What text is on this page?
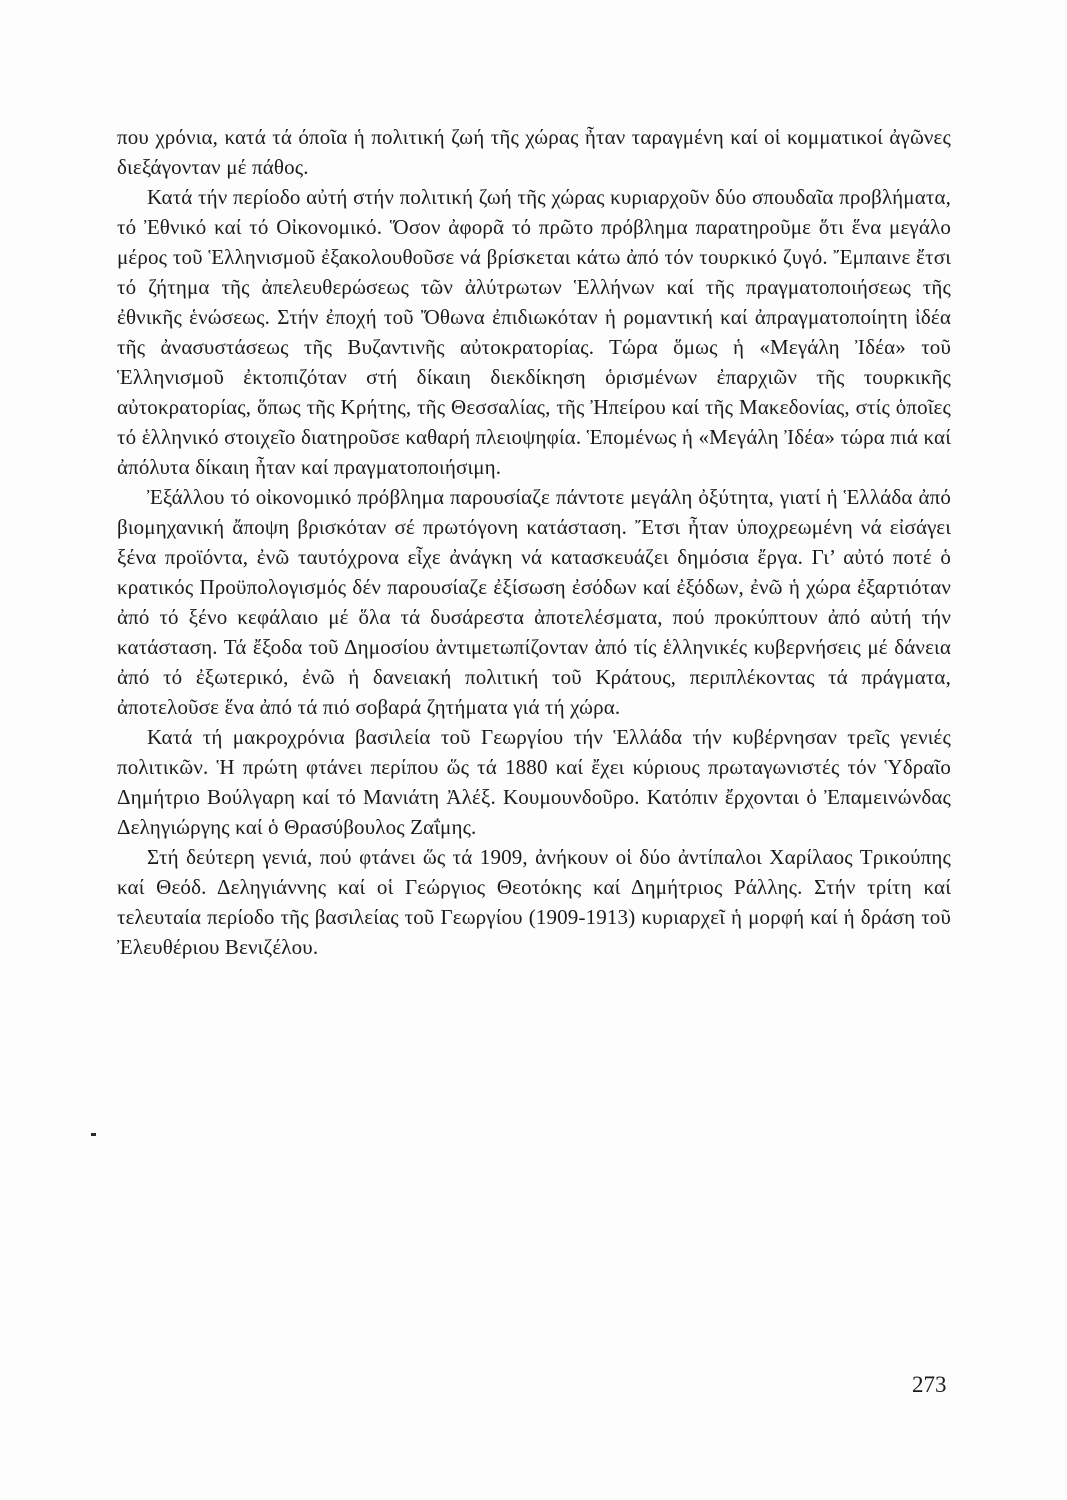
που χρόνια, κατά τά όποῖα ἡ πολιτική ζωή τῆς χώρας ἦταν ταραγμένη καί οἱ κομματικοί ἀγῶνες διεξάγονταν μέ πάθος.

Κατά τήν περίοδο αὐτή στήν πολιτική ζωή τῆς χώρας κυριαρχοῦν δύο σπουδαῖα προβλήματα, τό Ἐθνικό καί τό Οἰκονομικό. Ὅσον ἀφορᾶ τό πρῶτο πρόβλημα παρατηροῦμε ὅτι ἕνα μεγάλο μέρος τοῦ Ἑλληνισμοῦ ἐξακολουθοῦσε νά βρίσκεται κάτω ἀπό τόν τουρκικό ζυγό. Ἔμπαινε ἔτσι τό ζήτημα τῆς ἀπελευθερώσεως τῶν ἀλύτρωτων Ἑλλήνων καί τῆς πραγματοποιήσεως τῆς ἐθνικῆς ἑνώσεως. Στήν ἐποχή τοῦ Ὄθωνα ἐπιδιωκόταν ἡ ρομαντική καί ἀπραγματοποίητη ἰδέα τῆς ἀνασυστάσεως τῆς Βυζαντινῆς αὐτοκρατορίας. Τώρα ὅμως ἡ «Μεγάλη Ἰδέα» τοῦ Ἑλληνισμοῦ ἐκτοπιζόταν στή δίκαιη διεκδίκηση ὁρισμένων ἐπαρχιῶν τῆς τουρκικῆς αὐτοκρατορίας, ὅπως τῆς Κρήτης, τῆς Θεσσαλίας, τῆς Ἠπείρου καί τῆς Μακεδονίας, στίς ὁποῖες τό ἑλληνικό στοιχεῖο διατηροῦσε καθαρή πλειοψηφία. Ἑπομένως ἡ «Μεγάλη Ἰδέα» τώρα πιά καί ἀπόλυτα δίκαιη ἦταν καί πραγματοποιήσιμη.

Ἐξάλλου τό οἰκονομικό πρόβλημα παρουσίαζε πάντοτε μεγάλη ὀξύτητα, γιατί ἡ Ἑλλάδα ἀπό βιομηχανική ἄποψη βρισκόταν σέ πρωτόγονη κατάσταση. Ἔτσι ἦταν ὑποχρεωμένη νά εἰσάγει ξένα προϊόντα, ἐνῶ ταυτόχρονα εἶχε ἀνάγκη νά κατασκευάζει δημόσια ἔργα. Γι’ αὐτό ποτέ ὁ κρατικός Προϋπολογισμός δέν παρουσίαζε ἐξίσωση ἐσόδων καί ἐξόδων, ἐνῶ ἡ χώρα ἐξαρτιόταν ἀπό τό ξένο κεφάλαιο μέ ὅλα τά δυσάρεστα ἀποτελέσματα, πού προκύπτουν ἀπό αὐτή τήν κατάσταση. Τά ἔξοδα τοῦ Δημοσίου ἀντιμετωπίζονταν ἀπό τίς ἑλληνικές κυβερνήσεις μέ δάνεια ἀπό τό ἐξωτερικό, ἐνῶ ἡ δανειακή πολιτική τοῦ Κράτους, περιπλέκοντας τά πράγματα, ἀποτελοῦσε ἕνα ἀπό τά πιό σοβαρά ζητήματα γιά τή χώρα.

Κατά τή μακροχρόνια βασιλεία τοῦ Γεωργίου τήν Ἑλλάδα τήν κυβέρνησαν τρεῖς γενιές πολιτικῶν. Ἡ πρώτη φτάνει περίπου ὥς τά 1880 καί ἔχει κύριους πρωταγωνιστές τόν Ὑδραῖο Δημήτριο Βούλγαρη καί τό Μανιάτη Ἀλέξ. Κουμουνδοῦρο. Κατόπιν ἔρχονται ὁ Ἐπαμεινώνδας Δεληγιώργης καί ὁ Θρασύβουλος Ζαΐμης.

Στή δεύτερη γενιά, πού φτάνει ὥς τά 1909, ἀνήκουν οἱ δύο ἀντίπαλοι Χαρίλαος Τρικούπης καί Θεόδ. Δεληγιάννης καί οἱ Γεώργιος Θεοτόκης καί Δημήτριος Ράλλης. Στήν τρίτη καί τελευταία περίοδο τῆς βασιλείας τοῦ Γεωργίου (1909-1913) κυριαρχεῖ ἡ μορφή καί ἡ δράση τοῦ Ἐλευθέριου Βενιζέλου.

273
